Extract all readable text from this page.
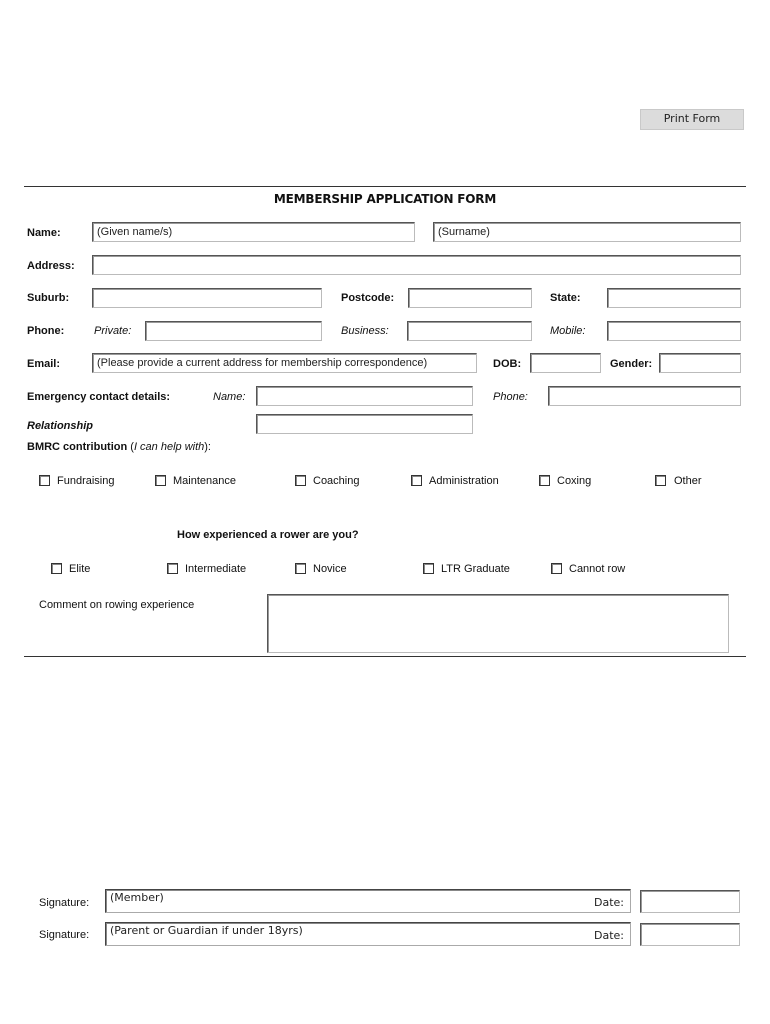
Print Form
MEMBERSHIP APPLICATION FORM
Name:	(Given name/s)	(Surname)
Address:
Suburb:	Postcode:	State:
Phone:	Private:	Business:	Mobile:
Email:	(Please provide a current address for membership correspondence)	DOB:	Gender:
Emergency contact details:	Name:	Phone:
Relationship
BMRC contribution (I can help with):
Fundraising	Maintenance	Coaching	Administration	Coxing	Other
How experienced a rower are you?
Elite	Intermediate	Novice	LTR Graduate	Cannot row
Comment on rowing experience
Signature:	(Member)	Date:
Signature:	(Parent or Guardian if under 18yrs)	Date:
